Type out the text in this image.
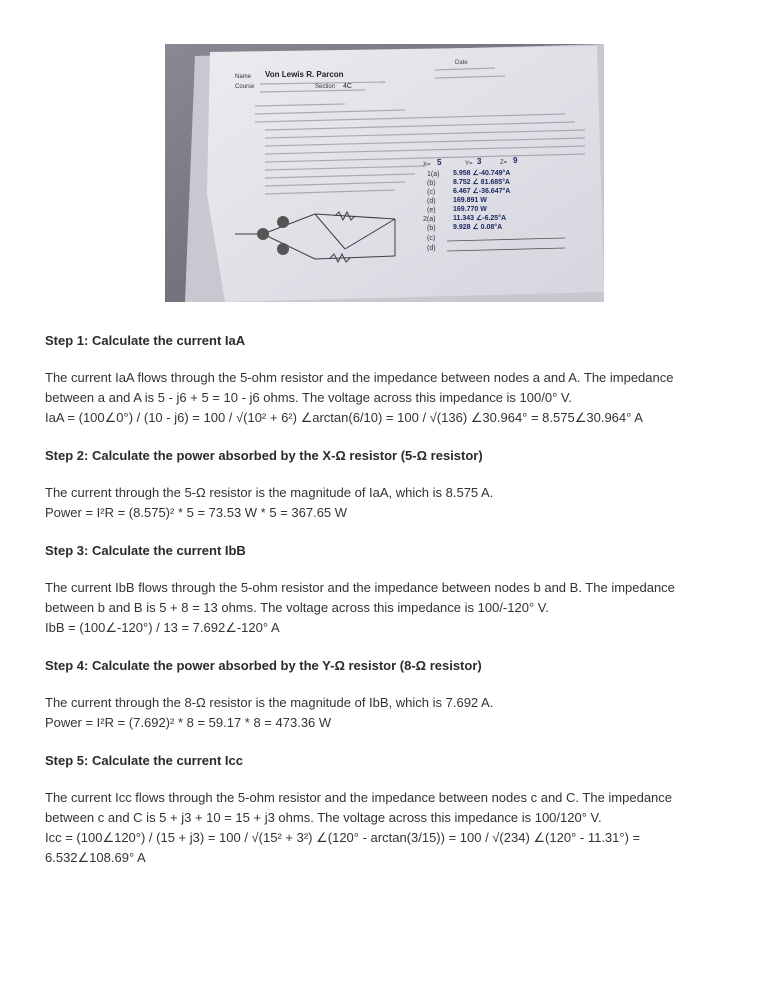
Name Von Lewis R. Parcon
Course	Section 4C
Date
X= 5	Y= 3	Z= 9
1(a) 5.958 ∠-40.749°A
(b) 8.752 ∠ 81.685°A
(c)	6.467 ∠-36.647°A
(d) 169.891 W
(e) 169.770 W
2(a)	11.343 ∠-6.25°A
(b) 9.928 ∠ 0.08°A
(c)
(d)

Step 1: Calculate the current IaA

The current IaA flows through the 5-ohm resistor and the impedance between nodes a and A. The impedance

between a and A is 5 - j6 + 5 = 10 - j6 ohms. The voltage across this impedance is 100/0° V.

IaA = (100∠0°) / (10 - j6) = 100 / √(10² + 6²) ∠arctan(6/10) = 100 / √(136) ∠30.964° = 8.575∠30.964° A

Step 2: Calculate the power absorbed by the X-Ω resistor (5-Ω resistor)

The current through the 5-Ω resistor is the magnitude of IaA, which is 8.575 A.

Power = I²R = (8.575)² * 5 = 73.53 W * 5 = 367.65 W

Step 3: Calculate the current IbB

The current IbB flows through the 5-ohm resistor and the impedance between nodes b and B. The impedance

between b and B is 5 + 8 = 13 ohms. The voltage across this impedance is 100/-120° V.

IbB = (100∠-120°) / 13 = 7.692∠-120° A

Step 4: Calculate the power absorbed by the Y-Ω resistor (8-Ω resistor)

The current through the 8-Ω resistor is the magnitude of IbB, which is 7.692 A.

Power = I²R = (7.692)² * 8 = 59.17 * 8 = 473.36 W

Step 5: Calculate the current Icc

The current Icc flows through the 5-ohm resistor and the impedance between nodes c and C. The impedance

between c and C is 5 + j3 + 10 = 15 + j3 ohms. The voltage across this impedance is 100/120° V.

Icc = (100∠120°) / (15 + j3) = 100 / √(15² + 3²) ∠(120° - arctan(3/15)) = 100 / √(234) ∠(120° - 11.31°) =

6.532∠108.69° A
